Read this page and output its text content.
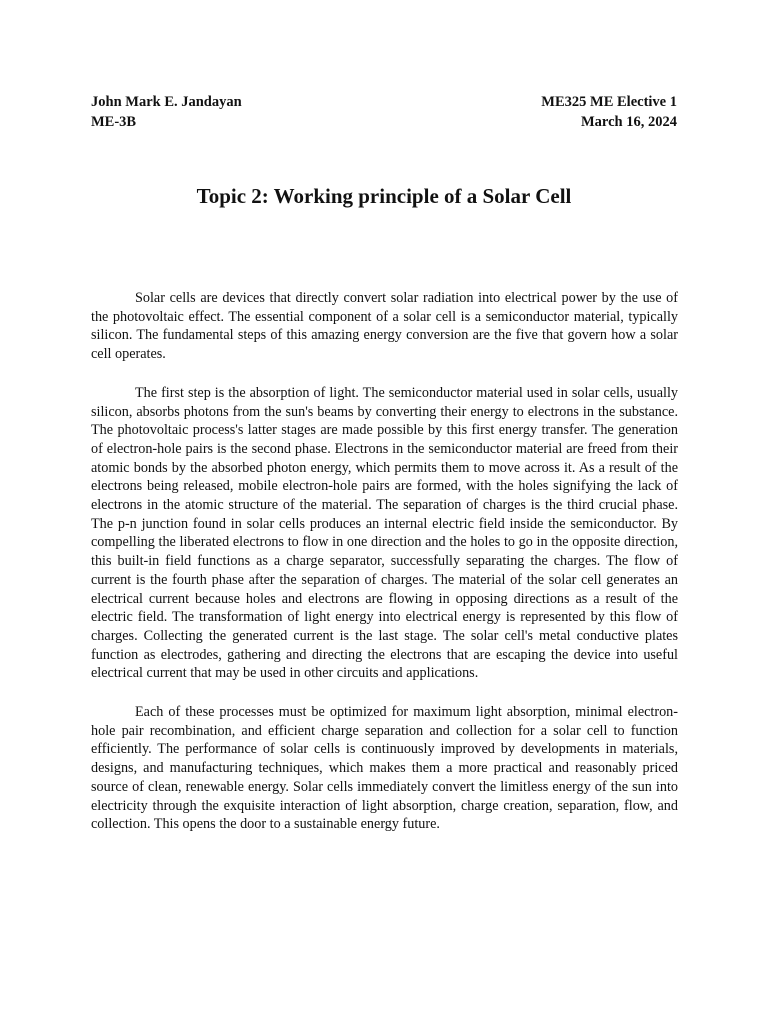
John Mark E. Jandayan
ME-3B
ME325 ME Elective 1
March 16, 2024
Topic 2: Working principle of a Solar Cell

Solar cells are devices that directly convert solar radiation into electrical power by the use of the photovoltaic effect. The essential component of a solar cell is a semiconductor material, typically silicon. The fundamental steps of this amazing energy conversion are the five that govern how a solar cell operates.

The first step is the absorption of light. The semiconductor material used in solar cells, usually silicon, absorbs photons from the sun's beams by converting their energy to electrons in the substance. The photovoltaic process's latter stages are made possible by this first energy transfer. The generation of electron-hole pairs is the second phase. Electrons in the semiconductor material are freed from their atomic bonds by the absorbed photon energy, which permits them to move across it. As a result of the electrons being released, mobile electron-hole pairs are formed, with the holes signifying the lack of electrons in the atomic structure of the material. The separation of charges is the third crucial phase. The p-n junction found in solar cells produces an internal electric field inside the semiconductor. By compelling the liberated electrons to flow in one direction and the holes to go in the opposite direction, this built-in field functions as a charge separator, successfully separating the charges. The flow of current is the fourth phase after the separation of charges. The material of the solar cell generates an electrical current because holes and electrons are flowing in opposing directions as a result of the electric field. The transformation of light energy into electrical energy is represented by this flow of charges. Collecting the generated current is the last stage. The solar cell's metal conductive plates function as electrodes, gathering and directing the electrons that are escaping the device into useful electrical current that may be used in other circuits and applications.

Each of these processes must be optimized for maximum light absorption, minimal electron-hole pair recombination, and efficient charge separation and collection for a solar cell to function efficiently. The performance of solar cells is continuously improved by developments in materials, designs, and manufacturing techniques, which makes them a more practical and reasonably priced source of clean, renewable energy. Solar cells immediately convert the limitless energy of the sun into electricity through the exquisite interaction of light absorption, charge creation, separation, flow, and collection. This opens the door to a sustainable energy future.
